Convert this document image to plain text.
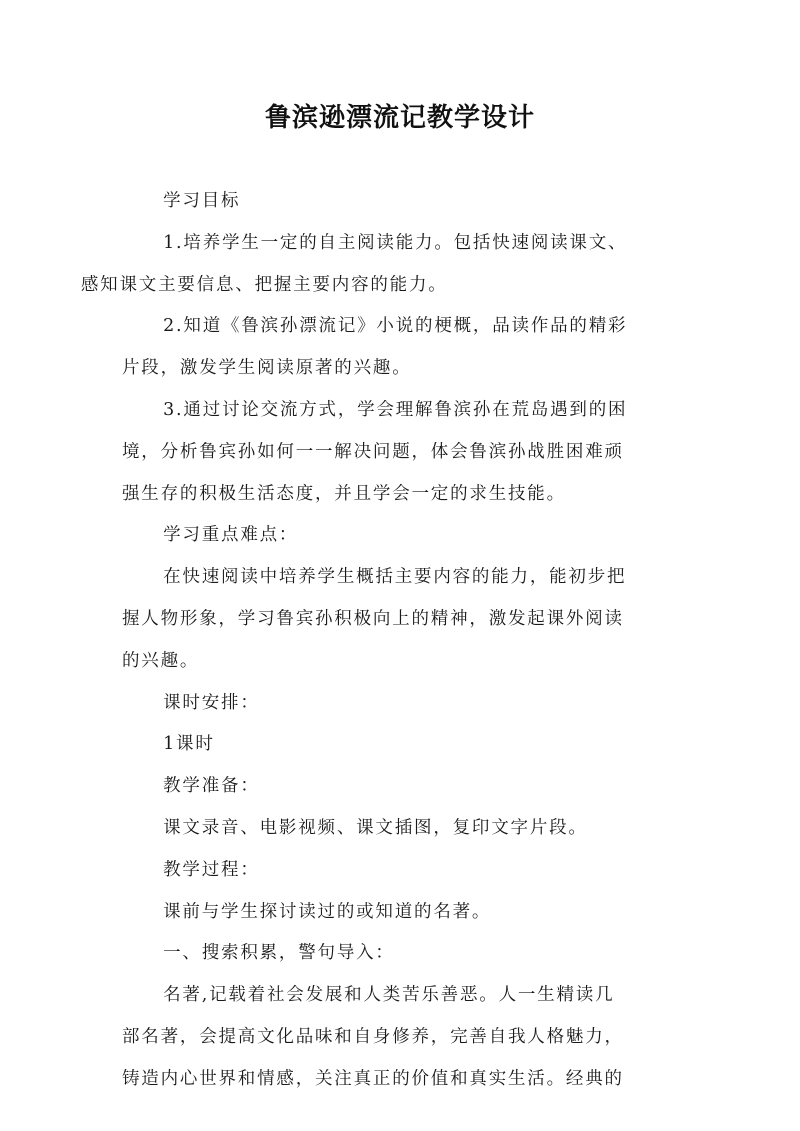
鲁滨逊漂流记教学设计

学习目标

1.培养学生一定的自主阅读能力。包括快速阅读课文、
感知课文主要信息、把握主要内容的能力。

2.知道《鲁滨孙漂流记》小说的梗概，品读作品的精彩
片段，激发学生阅读原著的兴趣。

3.通过讨论交流方式，学会理解鲁滨孙在荒岛遇到的困
境，分析鲁宾孙如何一一解决问题，体会鲁滨孙战胜困难顽
强生存的积极生活态度，并且学会一定的求生技能。

学习重点难点：

在快速阅读中培养学生概括主要内容的能力，能初步把
握人物形象，学习鲁宾孙积极向上的精神，激发起课外阅读
的兴趣。

课时安排：

1课时

教学准备：

课文录音、电影视频、课文插图，复印文字片段。

教学过程：

课前与学生探讨读过的或知道的名著。

一、搜索积累，警句导入：

名著,记载着社会发展和人类苦乐善恶。人一生精读几
部名著，会提高文化品味和自身修养，完善自我人格魅力，
铸造内心世界和情感，关注真正的价值和真实生活。经典的
